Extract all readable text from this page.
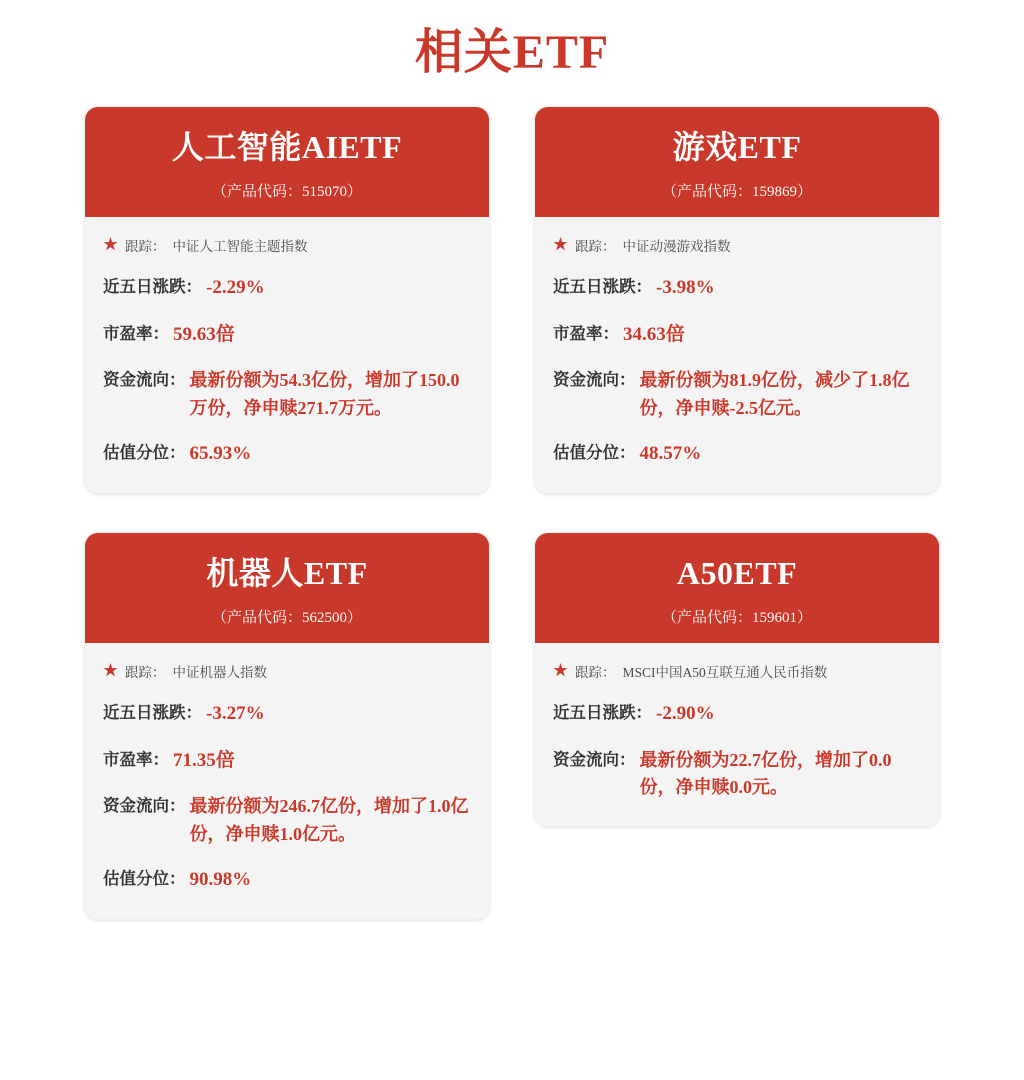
相关ETF
人工智能AIETF
（产品代码：515070）
★ 跟踪： 中证人工智能主题指数
近五日涨跌： -2.29%
市盈率： 59.63倍
资金流向： 最新份额为54.3亿份，增加了150.0万份，净申赎271.7万元。
估值分位： 65.93%
游戏ETF
（产品代码：159869）
★ 跟踪： 中证动漫游戏指数
近五日涨跌： -3.98%
市盈率： 34.63倍
资金流向： 最新份额为81.9亿份，减少了1.8亿份，净申赎-2.5亿元。
估值分位： 48.57%
机器人ETF
（产品代码：562500）
★ 跟踪： 中证机器人指数
近五日涨跌： -3.27%
市盈率： 71.35倍
资金流向： 最新份额为246.7亿份，增加了1.0亿份，净申赎1.0亿元。
估值分位： 90.98%
A50ETF
（产品代码：159601）
★ 跟踪： MSCI中国A50互联互通人民币指数
近五日涨跌： -2.90%
资金流向： 最新份额为22.7亿份，增加了0.0份，净申赎0.0元。
